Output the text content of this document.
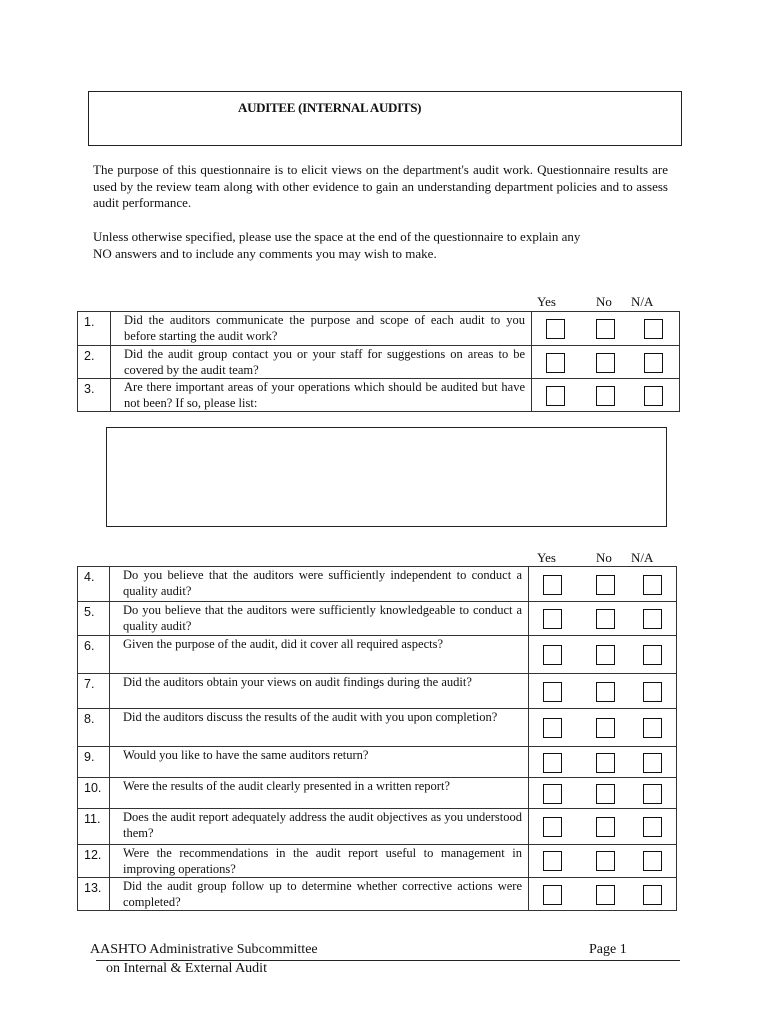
AUDITEE (INTERNAL AUDITS)
The purpose of this questionnaire is to elicit views on the department's audit work. Questionnaire results are used by the review team along with other evidence to gain an understanding department policies and to assess audit performance.
Unless otherwise specified, please use the space at the end of the questionnaire to explain any
NO answers and to include any comments you may wish to make.
Yes	No N/A
1.	Did the auditors communicate the purpose and scope of each audit to you before starting the audit work?	

2.	Did the audit group contact you or your staff for suggestions on areas to be covered by the audit team?	

3.	Are there important areas of your operations which should be audited but have not been? If so, please list:	

Yes	No N/A
4.	Do you believe that the auditors were sufficiently independent to conduct a quality audit?	

5.	Do you believe that the auditors were sufficiently knowledgeable to conduct a quality audit?	

6.	Given the purpose of the audit, did it cover all required aspects?	

7.	Did the auditors obtain your views on audit findings during the audit?	

8.	Did the auditors discuss the results of the audit with you upon completion?	

9.	Would you like to have the same auditors return?	

10.	Were the results of the audit clearly presented in a written report?	

11.	Does the audit report adequately address the audit objectives as you understood them?	

12.	Were the recommendations in the audit report useful to management in improving operations?	

13.	Did the audit group follow up to determine whether corrective actions were completed?	

AASHTO Administrative Subcommittee	Page 1
on Internal & External Audit
